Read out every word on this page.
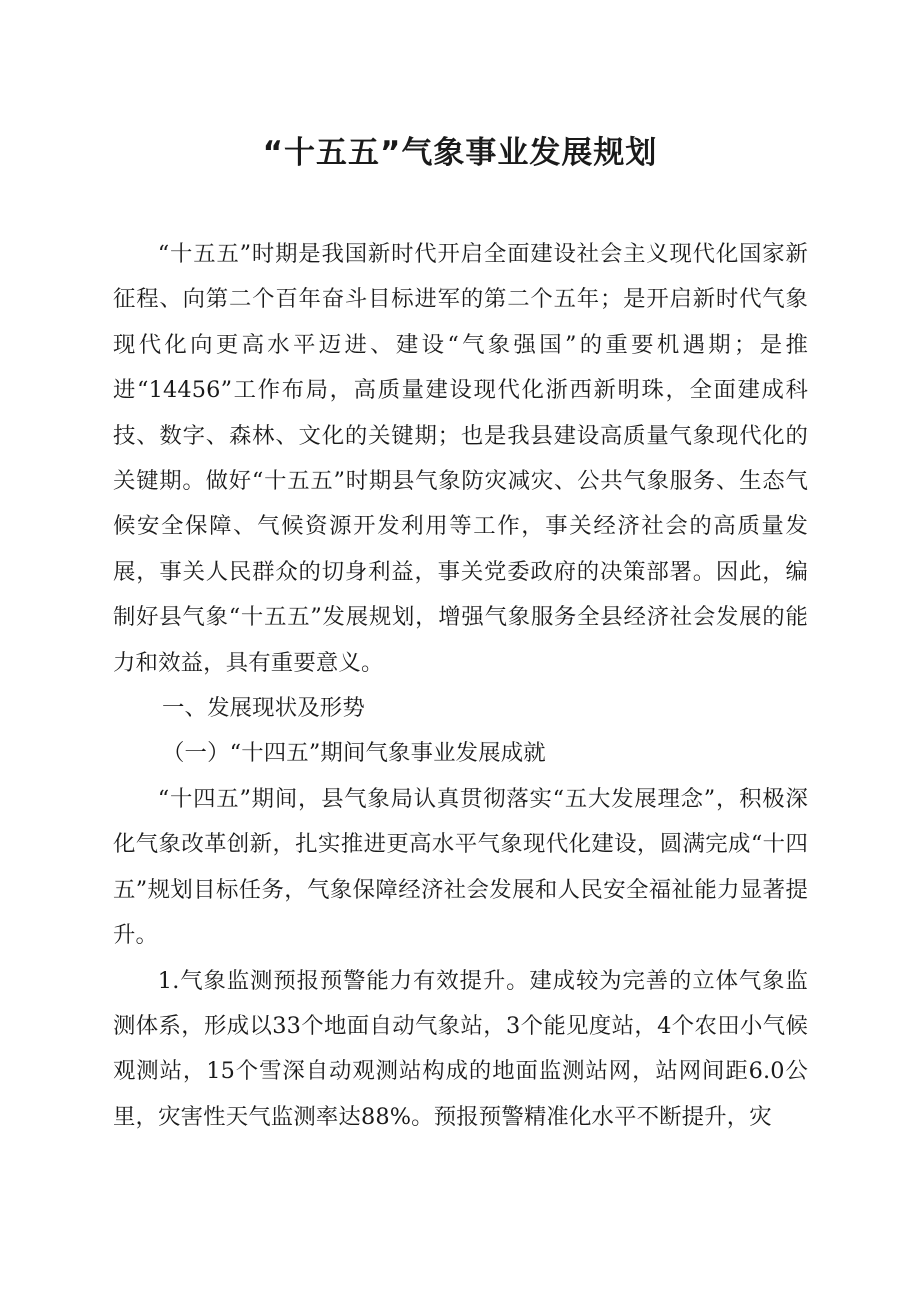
“十五五”气象事业发展规划

“十五五”时期是我国新时代开启全面建设社会主义现代化国家新征程、向第二个百年奋斗目标进军的第二个五年；是开启新时代气象现代化向更高水平迈进、建设“气象强国”的重要机遇期；是推进“14456”工作布局，高质量建设现代化浙西新明珠，全面建成科技、数字、森林、文化的关键期；也是我县建设高质量气象现代化的关键期。做好“十五五”时期县气象防灾减灾、公共气象服务、生态气候安全保障、气候资源开发利用等工作，事关经济社会的高质量发展，事关人民群众的切身利益，事关党委政府的决策部署。因此，编制好县气象“十五五”发展规划，增强气象服务全县经济社会发展的能力和效益，具有重要意义。

一、发展现状及形势

（一）“十四五”期间气象事业发展成就

“十四五”期间，县气象局认真贯彻落实“五大发展理念”，积极深化气象改革创新，扎实推进更高水平气象现代化建设，圆满完成“十四五”规划目标任务，气象保障经济社会发展和人民安全福祉能力显著提升。

1.气象监测预报预警能力有效提升。建成较为完善的立体气象监测体系，形成以33个地面自动气象站，3个能见度站，4个农田小气候观测站，15个雪深自动观测站构成的地面监测站网，站网间距6.0公里，灾害性天气监测率达88%。预报预警精准化水平不断提升，灾
